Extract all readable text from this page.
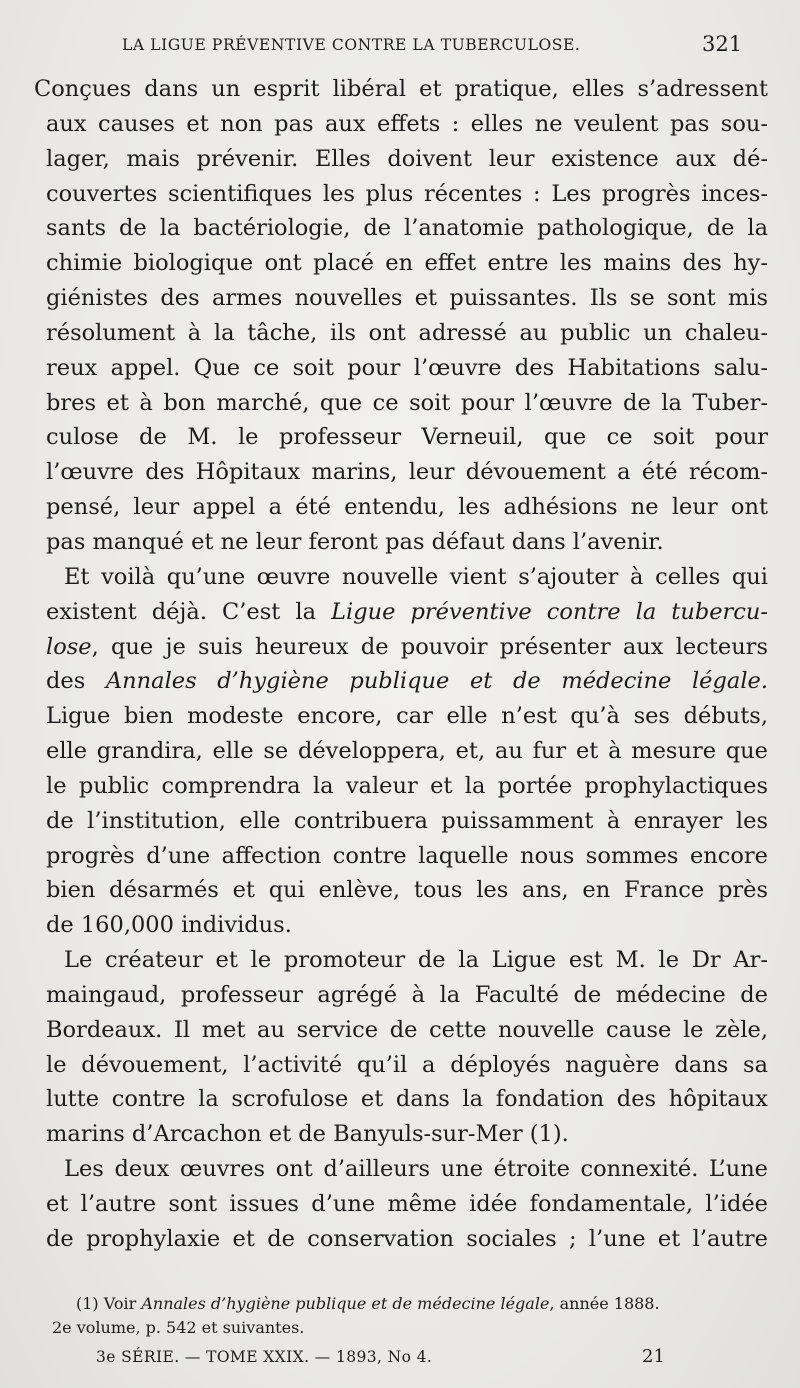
LA LIGUE PRÉVENTIVE CONTRE LA TUBERCULOSE.	321
Conçues dans un esprit libéral et pratique, elles s’adressent
aux causes et non pas aux effets : elles ne veulent pas sou-
lager, mais prévenir. Elles doivent leur existence aux dé-
couvertes scientifiques les plus récentes : Les progrès inces-
sants de la bactériologie, de l’anatomie pathologique, de la
chimie biologique ont placé en effet entre les mains des hy-
giénistes des armes nouvelles et puissantes. Ils se sont mis
résolument à la tâche, ils ont adressé au public un chaleu-
reux appel. Que ce soit pour l’œuvre des Habitations salu-
bres et à bon marché, que ce soit pour l’œuvre de la Tuber-
culose de M. le professeur Verneuil, que ce soit pour
l’œuvre des Hôpitaux marins, leur dévouement a été récom-
pensé, leur appel a été entendu, les adhésions ne leur ont
pas manqué et ne leur feront pas défaut dans l’avenir.
Et voilà qu’une œuvre nouvelle vient s’ajouter à celles qui
existent déjà. C’est la Ligue préventive contre la tubercu-
lose, que je suis heureux de pouvoir présenter aux lecteurs
des Annales d’hygiène publique et de médecine légale.
Ligue bien modeste encore, car elle n’est qu’à ses débuts,
elle grandira, elle se développera, et, au fur et à mesure que
le public comprendra la valeur et la portée prophylactiques
de l’institution, elle contribuera puissamment à enrayer les
progrès d’une affection contre laquelle nous sommes encore
bien désarmés et qui enlève, tous les ans, en France près
de 160,000 individus.
Le créateur et le promoteur de la Ligue est M. le Dr Ar-
maingaud, professeur agrégé à la Faculté de médecine de
Bordeaux. Il met au service de cette nouvelle cause le zèle,
le dévouement, l’activité qu’il a déployés naguère dans sa
lutte contre la scrofulose et dans la fondation des hôpitaux
marins d’Arcachon et de Banyuls-sur-Mer (1).
Les deux œuvres ont d’ailleurs une étroite connexité. L’une
et l’autre sont issues d’une même idée fondamentale, l’idée
de prophylaxie et de conservation sociales ; l’une et l’autre
(1) Voir Annales d’hygiène publique et de médecine légale, année 1888.
2e volume, p. 542 et suivantes.
3e SÉRIE. — TOME XXIX. — 1893, No 4.	21
